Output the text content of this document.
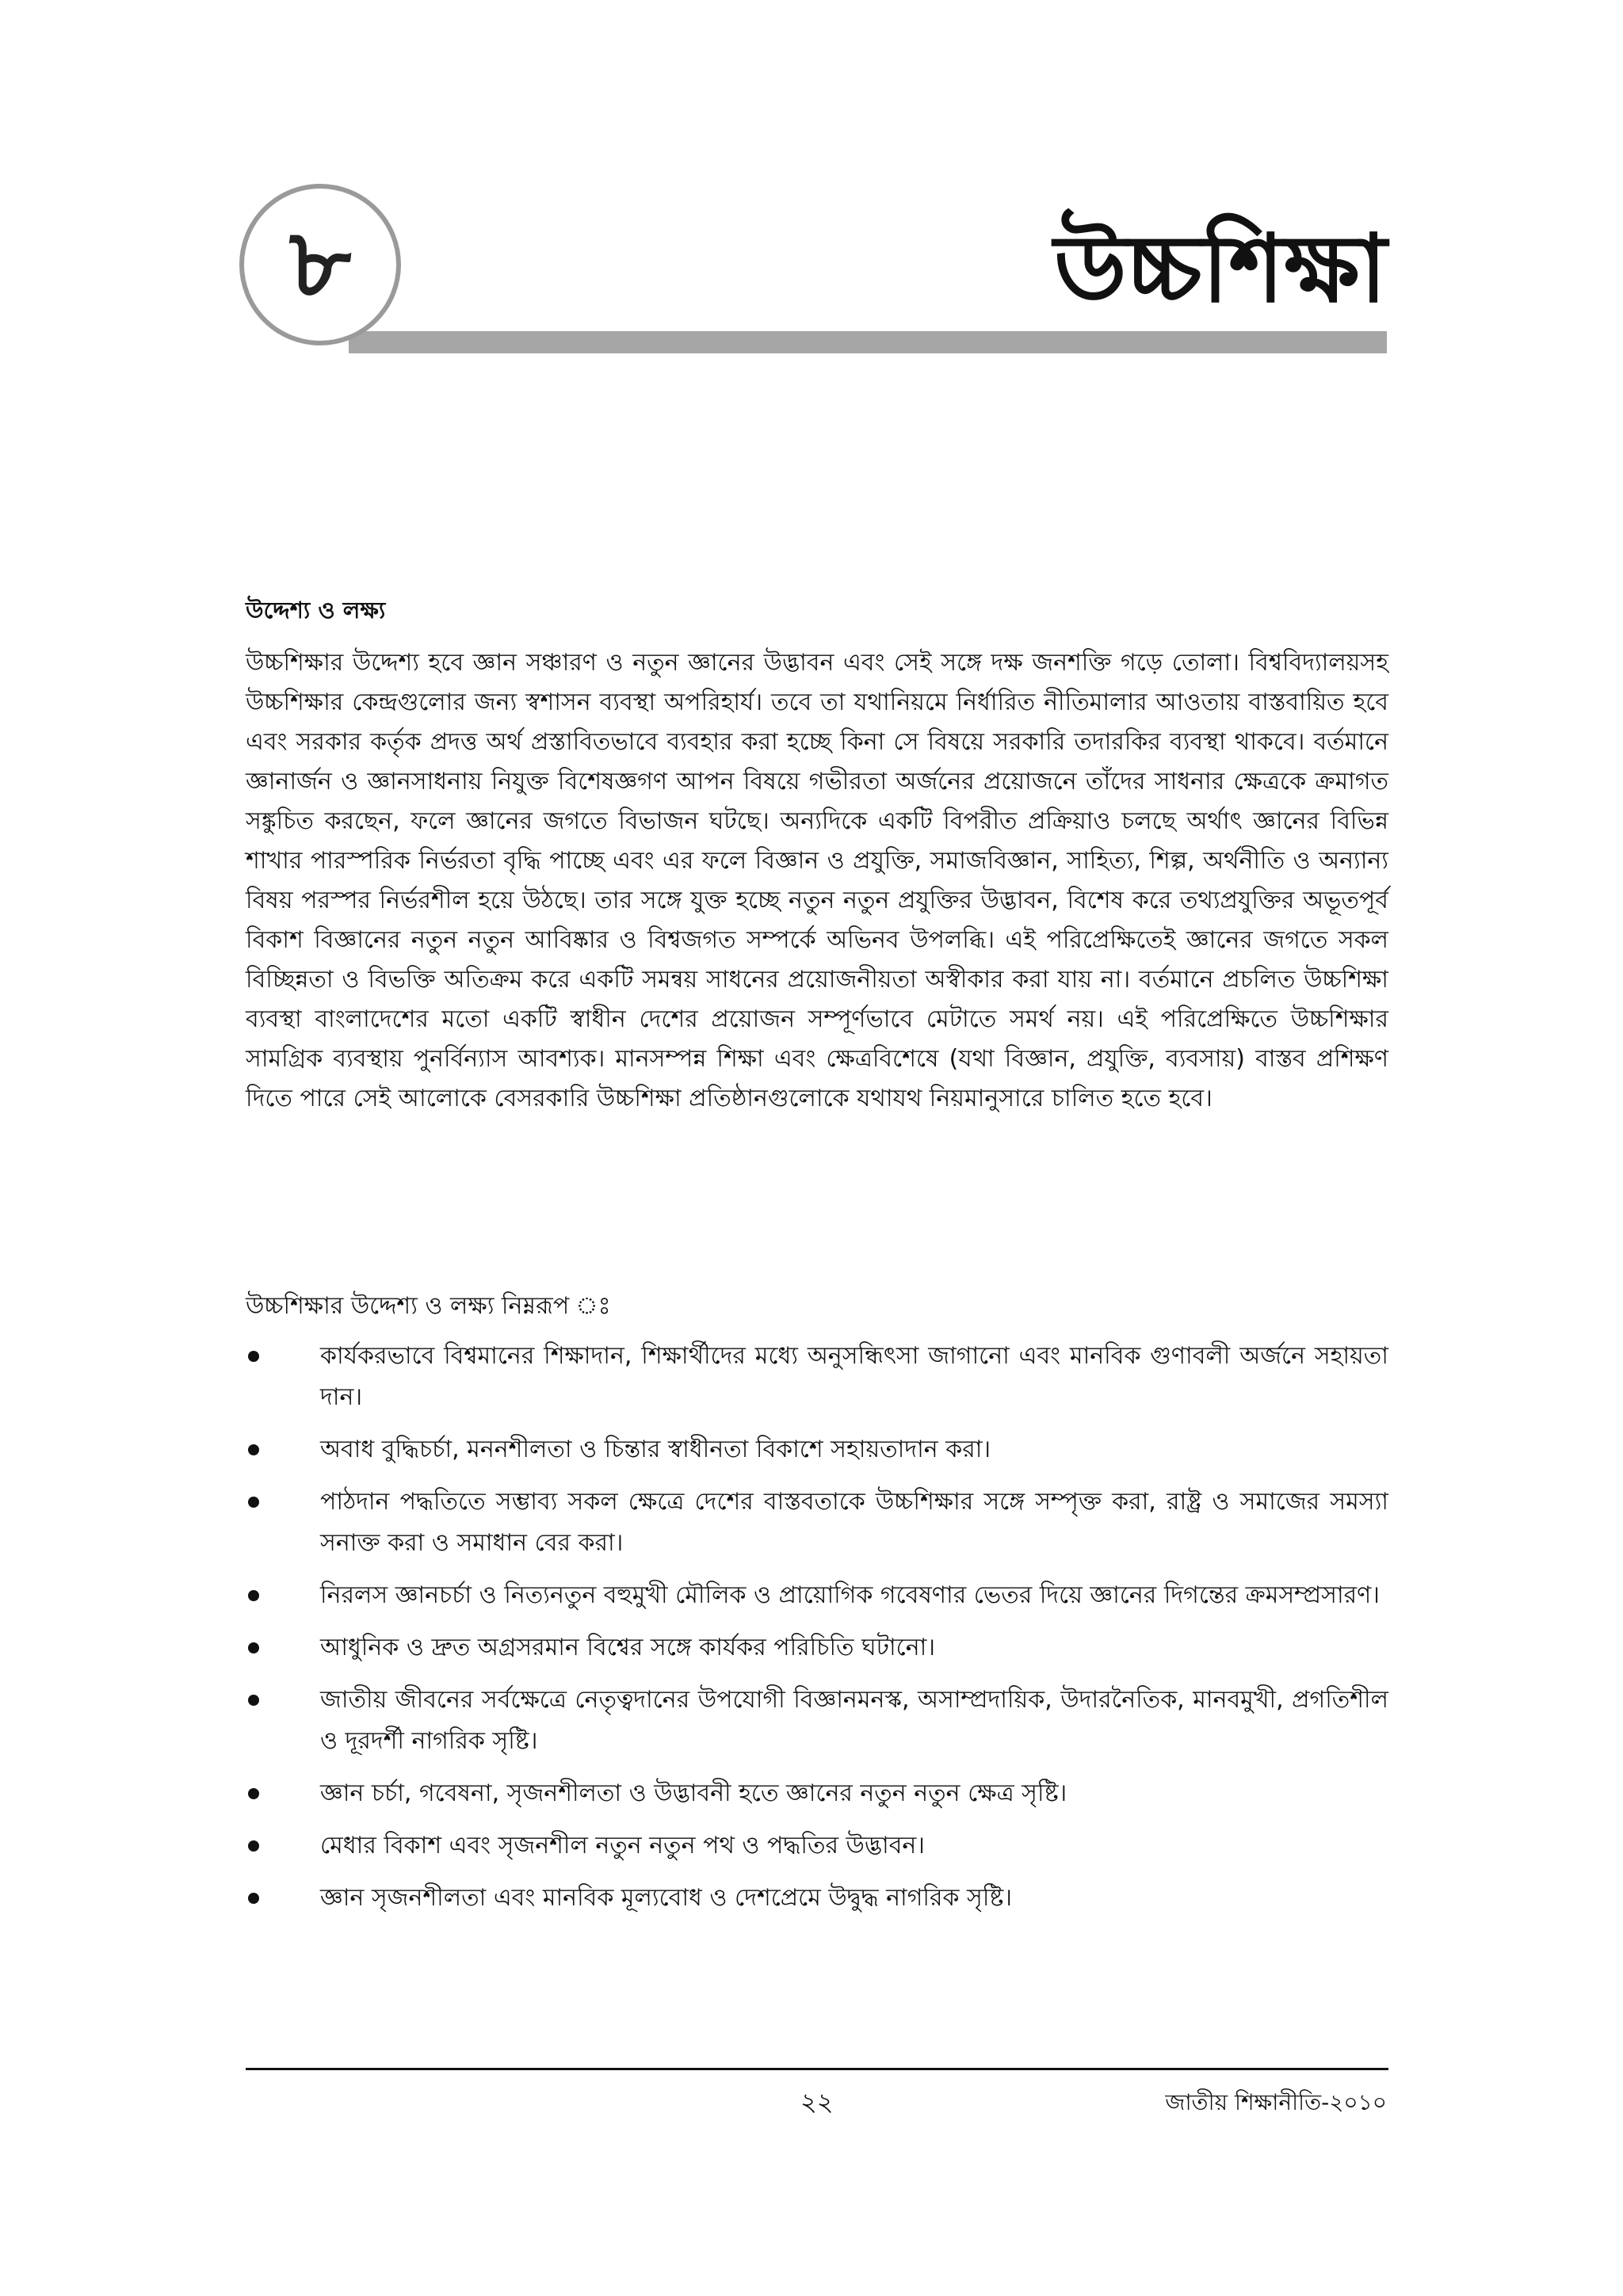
৮	উচ্চশিক্ষা
উদ্দেশ্য ও লক্ষ্য

উচ্চশিক্ষার উদ্দেশ্য হবে জ্ঞান সঞ্চারণ ও নতুন জ্ঞানের উদ্ভাবন এবং সেই সঙ্গে দক্ষ জনশক্তি গড়ে তোলা। বিশ্ববিদ্যালয়সহ উচ্চশিক্ষার কেন্দ্রগুলোর জন্য স্বশাসন ব্যবস্থা অপরিহার্য। তবে তা যথানিয়মে নির্ধারিত নীতিমালার আওতায় বাস্তবায়িত হবে এবং সরকার কর্তৃক প্রদত্ত অর্থ প্রস্তাবিতভাবে ব্যবহার করা হচ্ছে কিনা সে বিষয়ে সরকারি তদারকির ব্যবস্থা থাকবে। বর্তমানে জ্ঞানার্জন ও জ্ঞানসাধনায় নিযুক্ত বিশেষজ্ঞগণ আপন বিষয়ে গভীরতা অর্জনের প্রয়োজনে তাঁদের সাধনার ক্ষেত্রকে ক্রমাগত সঙ্কুচিত করছেন, ফলে জ্ঞানের জগতে বিভাজন ঘটছে। অন্যদিকে একটি বিপরীত প্রক্রিয়াও চলছে অর্থাৎ জ্ঞানের বিভিন্ন শাখার পারস্পরিক নির্ভরতা বৃদ্ধি পাচ্ছে এবং এর ফলে বিজ্ঞান ও প্রযুক্তি, সমাজবিজ্ঞান, সাহিত্য, শিল্প, অর্থনীতি ও অন্যান্য বিষয় পরস্পর নির্ভরশীল হয়ে উঠছে। তার সঙ্গে যুক্ত হচ্ছে নতুন নতুন প্রযুক্তির উদ্ভাবন, বিশেষ করে তথ্যপ্রযুক্তির অভূতপূর্ব বিকাশ বিজ্ঞানের নতুন নতুন আবিষ্কার ও বিশ্বজগত সম্পর্কে অভিনব উপলব্ধি। এই পরিপ্রেক্ষিতেই জ্ঞানের জগতে সকল বিচ্ছিন্নতা ও বিভক্তি অতিক্রম করে একটি সমন্বয় সাধনের প্রয়োজনীয়তা অস্বীকার করা যায় না। বর্তমানে প্রচলিত উচ্চশিক্ষা ব্যবস্থা বাংলাদেশের মতো একটি স্বাধীন দেশের প্রয়োজন সম্পূর্ণভাবে মেটাতে সমর্থ নয়। এই পরিপ্রেক্ষিতে উচ্চশিক্ষার সামগ্রিক ব্যবস্থায় পুনর্বিন্যাস আবশ্যক। মানসম্পন্ন শিক্ষা এবং ক্ষেত্রবিশেষে (যথা বিজ্ঞান, প্রযুক্তি, ব্যবসায়) বাস্তব প্রশিক্ষণ দিতে পারে সেই আলোকে বেসরকারি উচ্চশিক্ষা প্রতিষ্ঠানগুলোকে যথাযথ নিয়মানুসারে চালিত হতে হবে।

উচ্চশিক্ষার উদ্দেশ্য ও লক্ষ্য নিম্নরূপ ঃ
কার্যকরভাবে বিশ্বমানের শিক্ষাদান, শিক্ষার্থীদের মধ্যে অনুসন্ধিৎসা জাগানো এবং মানবিক গুণাবলী অর্জনে সহায়তা দান।
অবাধ বুদ্ধিচর্চা, মননশীলতা ও চিন্তার স্বাধীনতা বিকাশে সহায়তাদান করা।
পাঠদান পদ্ধতিতে সম্ভাব্য সকল ক্ষেত্রে দেশের বাস্তবতাকে উচ্চশিক্ষার সঙ্গে সম্পৃক্ত করা, রাষ্ট্র ও সমাজের সমস্যা সনাক্ত করা ও সমাধান বের করা।
নিরলস জ্ঞানচর্চা ও নিত্যনতুন বহুমুখী মৌলিক ও প্রায়োগিক গবেষণার ভেতর দিয়ে জ্ঞানের দিগন্তের ক্রমসম্প্রসারণ।
আধুনিক ও দ্রুত অগ্রসরমান বিশ্বের সঙ্গে কার্যকর পরিচিতি ঘটানো।
জাতীয় জীবনের সর্বক্ষেত্রে নেতৃত্বদানের উপযোগী বিজ্ঞানমনস্ক, অসাম্প্রদায়িক, উদারনৈতিক, মানবমুখী, প্রগতিশীল ও দূরদর্শী নাগরিক সৃষ্টি।
জ্ঞান চর্চা, গবেষনা, সৃজনশীলতা ও উদ্ভাবনী হতে জ্ঞানের নতুন নতুন ক্ষেত্র সৃষ্টি।
মেধার বিকাশ এবং সৃজনশীল নতুন নতুন পথ ও পদ্ধতির উদ্ভাবন।
জ্ঞান সৃজনশীলতা এবং মানবিক মূল্যবোধ ও দেশপ্রেমে উদ্বুদ্ধ নাগরিক সৃষ্টি।
২২	জাতীয় শিক্ষানীতি-২০১০
